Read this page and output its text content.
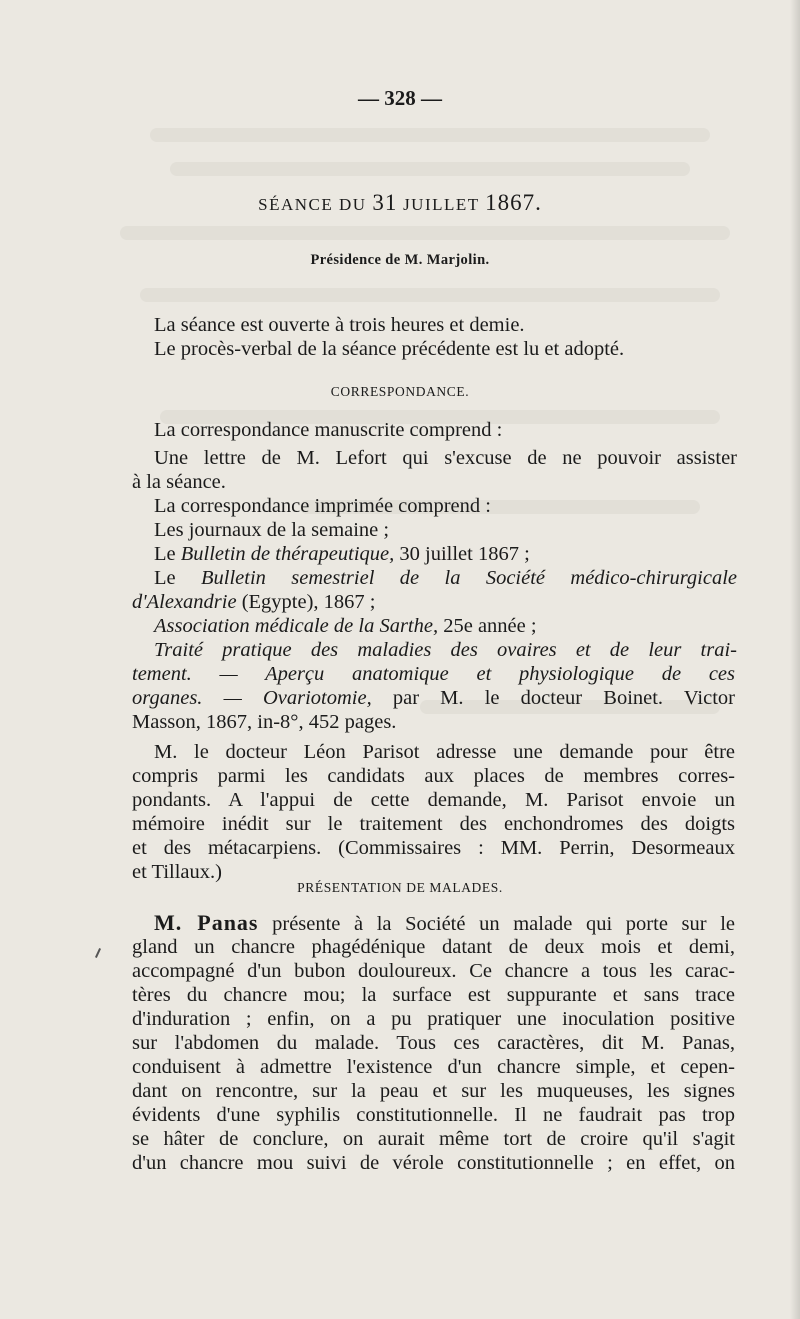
— 328 —
SÉANCE DU 31 JUILLET 1867.
Présidence de M. Marjolin.

La séance est ouverte à trois heures et demie.

Le procès-verbal de la séance précédente est lu et adopté.

CORRESPONDANCE.

La correspondance manuscrite comprend :

Une lettre de M. Lefort qui s'excuse de ne pouvoir assister

à la séance.

La correspondance imprimée comprend :

Les journaux de la semaine ;

Le Bulletin de thérapeutique, 30 juillet 1867 ;

Le Bulletin semestriel de la Société médico-chirurgicale

d'Alexandrie (Egypte), 1867 ;

Association médicale de la Sarthe, 25e année ;

Traité pratique des maladies des ovaires et de leur trai-

tement. — Aperçu anatomique et physiologique de ces

organes. — Ovariotomie, par M. le docteur Boinet. Victor

Masson, 1867, in-8°, 452 pages.

M. le docteur Léon Parisot adresse une demande pour être

compris parmi les candidats aux places de membres corres-

pondants. A l'appui de cette demande, M. Parisot envoie un

mémoire inédit sur le traitement des enchondromes des doigts

et des métacarpiens. (Commissaires : MM. Perrin, Desormeaux

et Tillaux.)

PRÉSENTATION DE MALADES.

M. Panas présente à la Société un malade qui porte sur le

gland un chancre phagédénique datant de deux mois et demi,

accompagné d'un bubon douloureux. Ce chancre a tous les carac-

tères du chancre mou; la surface est suppurante et sans trace

d'induration ; enfin, on a pu pratiquer une inoculation positive

sur l'abdomen du malade. Tous ces caractères, dit M. Panas,

conduisent à admettre l'existence d'un chancre simple, et cepen-

dant on rencontre, sur la peau et sur les muqueuses, les signes

évidents d'une syphilis constitutionnelle. Il ne faudrait pas trop

se hâter de conclure, on aurait même tort de croire qu'il s'agit

d'un chancre mou suivi de vérole constitutionnelle ; en effet, on
